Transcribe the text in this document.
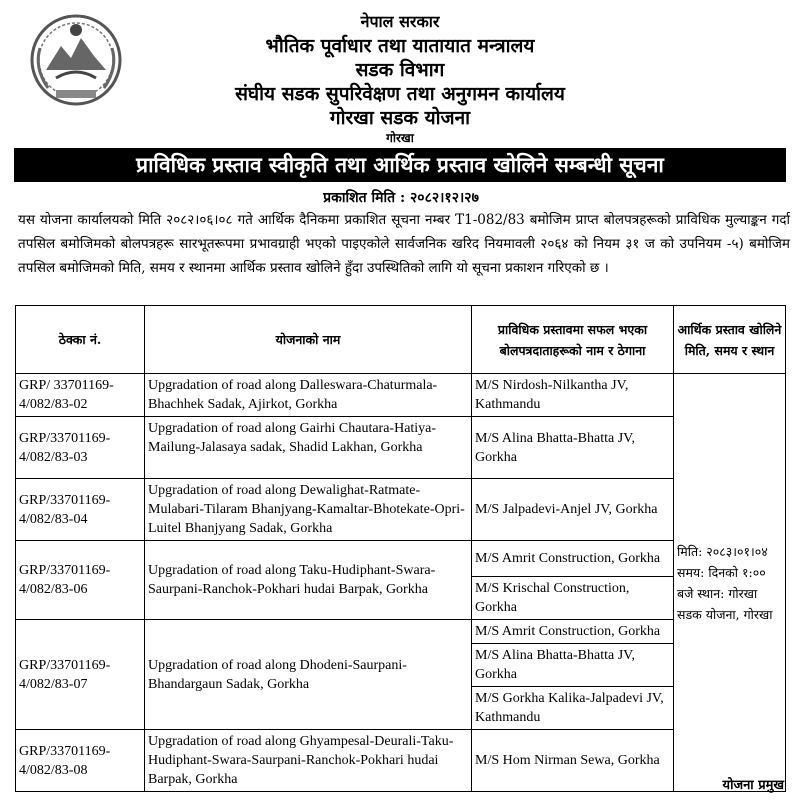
नेपाल सरकार
भौतिक पूर्वाधार तथा यातायात मन्त्रालय
सडक विभाग
संघीय सडक सुपरिवेक्षण तथा अनुगमन कार्यालय
गोरखा सडक योजना
गोरखा
प्राविधिक प्रस्ताव स्वीकृति तथा आर्थिक प्रस्ताव खोलिने सम्बन्धी सूचना
प्रकाशित मिति : २०८२।१२।२७
यस योजना कार्यालयको मिति २०८२।०६।०८ गते आर्थिक दैनिकमा प्रकाशित सूचना नम्बर T1-082/83 बमोजिम प्राप्त बोलपत्रहरूको प्राविधिक मुल्याङ्कन गर्दा तपसिल बमोजिमको बोलपत्रहरू सारभूतरूपमा प्रभावग्राही भएको पाइएकोले सार्वजनिक खरिद नियमावली २०६४ को नियम ३१ ज को उपनियम -५) बमोजिम तपसिल बमोजिमको मिति, समय र स्थानमा आर्थिक प्रस्ताव खोलिने हुँदा उपस्थितिको लागि यो सूचना प्रकाशन गरिएको छ ।
ठेक्का नं.	योजनाको नाम	प्राविधिक प्रस्तावमा सफल भएका बोलपत्रदाताहरूको नाम र ठेगाना	आर्थिक प्रस्ताव खोलिने मिति, समय र स्थान
GRP/ 33701169-4/082/83-02	Upgradation of road along Dalleswara-Chaturmala-Bhachhek Sadak, Ajirkot, Gorkha	M/S Nirdosh-Nilkantha JV, Kathmandu	मिति: २०८३।०१।०४ समय: दिनको १:०० बजे स्थान: गोरखा सडक योजना, गोरखा
GRP/33701169-4/082/83-03	Upgradation of road along Gairhi Chautara-Hatiya-Mailung-Jalasaya sadak, Shadid Lakhan, Gorkha	M/S Alina Bhatta-Bhatta JV, Gorkha	
GRP/33701169-4/082/83-04	Upgradation of road along Dewalighat-Ratmate-Mulabari-Tilaram Bhanjyang-Kamaltar-Bhotekate-Opri-Luitel Bhanjyang Sadak, Gorkha	M/S Jalpadevi-Anjel JV, Gorkha	
GRP/33701169-4/082/83-06	Upgradation of road along Taku-Hudiphant-Swara-Saurpani-Ranchok-Pokhari hudai Barpak, Gorkha	M/S Amrit Construction, Gorkha	
		M/S Krischal Construction, Gorkha	
GRP/33701169-4/082/83-07	Upgradation of road along Dhodeni-Saurpani-Bhandargaun Sadak, Gorkha	M/S Amrit Construction, Gorkha	
		M/S Alina Bhatta-Bhatta JV, Gorkha	
		M/S Gorkha Kalika-Jalpadevi JV, Kathmandu	
GRP/33701169-4/082/83-08	Upgradation of road along Ghyampesal-Deurali-Taku-Hudiphant-Swara-Saurpani-Ranchok-Pokhari hudai Barpak, Gorkha	M/S Hom Nirman Sewa, Gorkha	
योजना प्रमुख
